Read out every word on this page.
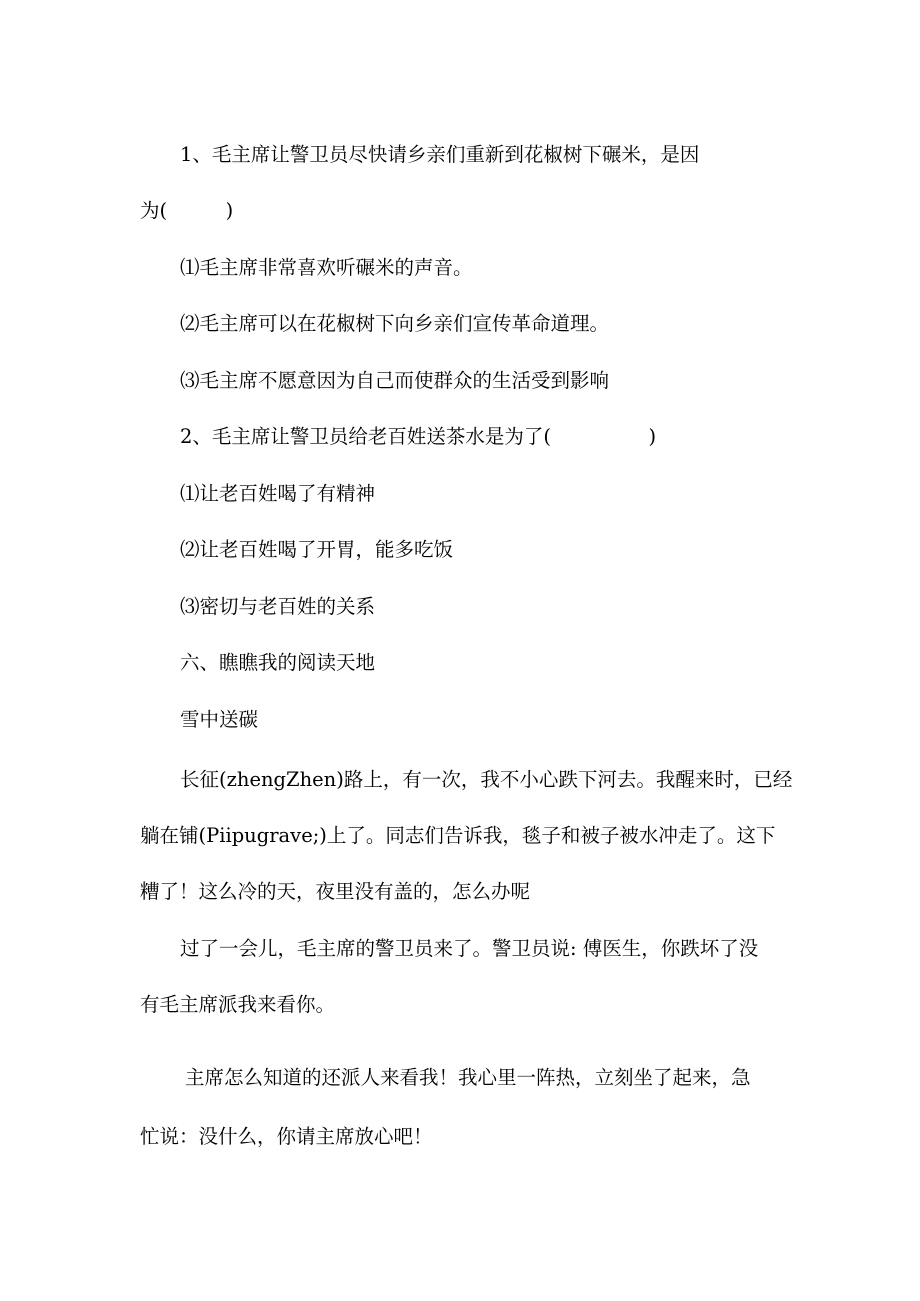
1、毛主席让警卫员尽快请乡亲们重新到花椒树下碾米，是因
为(　　　)
⑴毛主席非常喜欢听碾米的声音。
⑵毛主席可以在花椒树下向乡亲们宣传革命道理。
⑶毛主席不愿意因为自己而使群众的生活受到影响
2、毛主席让警卫员给老百姓送茶水是为了(　　　　　)
⑴让老百姓喝了有精神
⑵让老百姓喝了开胃，能多吃饭
⑶密切与老百姓的关系
六、瞧瞧我的阅读天地
雪中送碳
长征(zhengZhen)路上，有一次，我不小心跌下河去。我醒来时，已经
躺在铺(Piipugrave;)上了。同志们告诉我，毯子和被子被水冲走了。这下
糟了！这么冷的天，夜里没有盖的，怎么办呢
过了一会儿，毛主席的警卫员来了。警卫员说: 傅医生，你跌坏了没
有毛主席派我来看你。
主席怎么知道的还派人来看我！我心里一阵热，立刻坐了起来，急
忙说：没什么，你请主席放心吧！
